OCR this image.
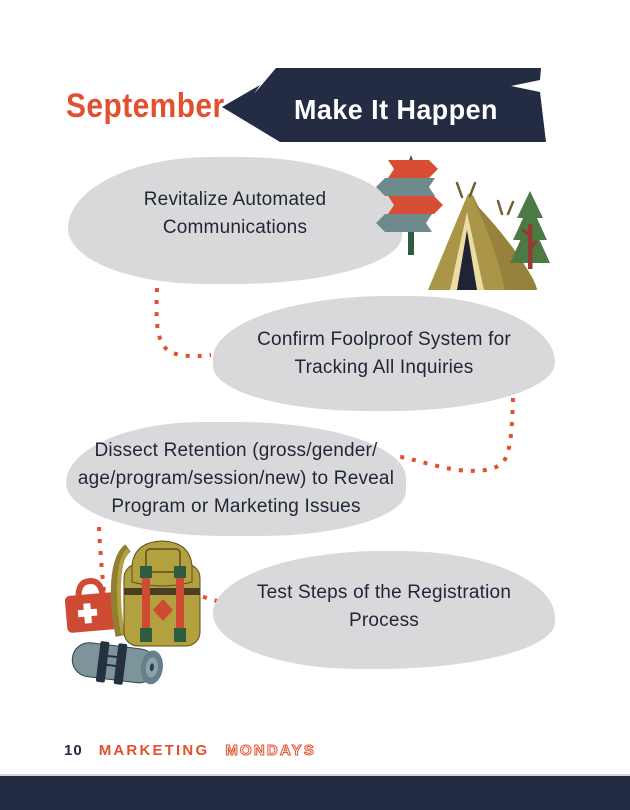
September	Make It Happen
Revitalize Automated
Communications
Confirm Foolproof System for
Tracking All Inquiries
Dissect Retention (gross/gender/
age/program/session/new) to Reveal
Program or Marketing Issues
Test Steps of the Registration
Process
10 MARKETING MONDAYS
